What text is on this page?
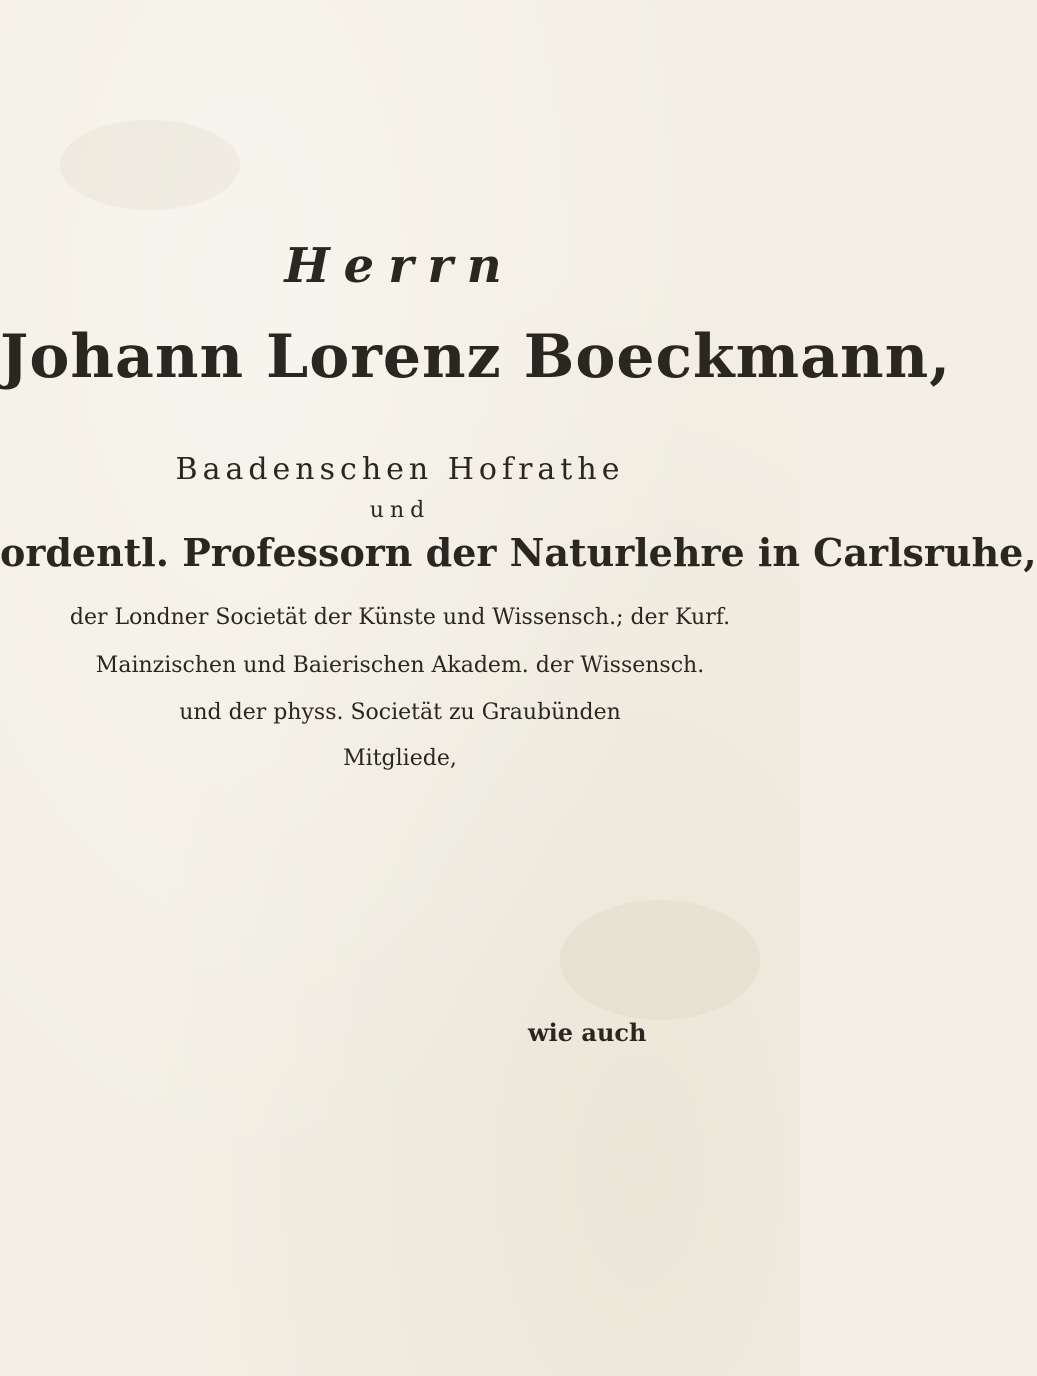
Herrn
Johann Lorenz Boeckmann,
Baadenschen Hofrathe
und
ordentl. Professorn der Naturlehre in Carlsruhe,
der Londner Societät der Künste und Wissensch.; der Kurf.
Mainzischen und Baierischen Akadem. der Wissensch.
und der physs. Societät zu Graubünden
Mitgliede,
wie auch
